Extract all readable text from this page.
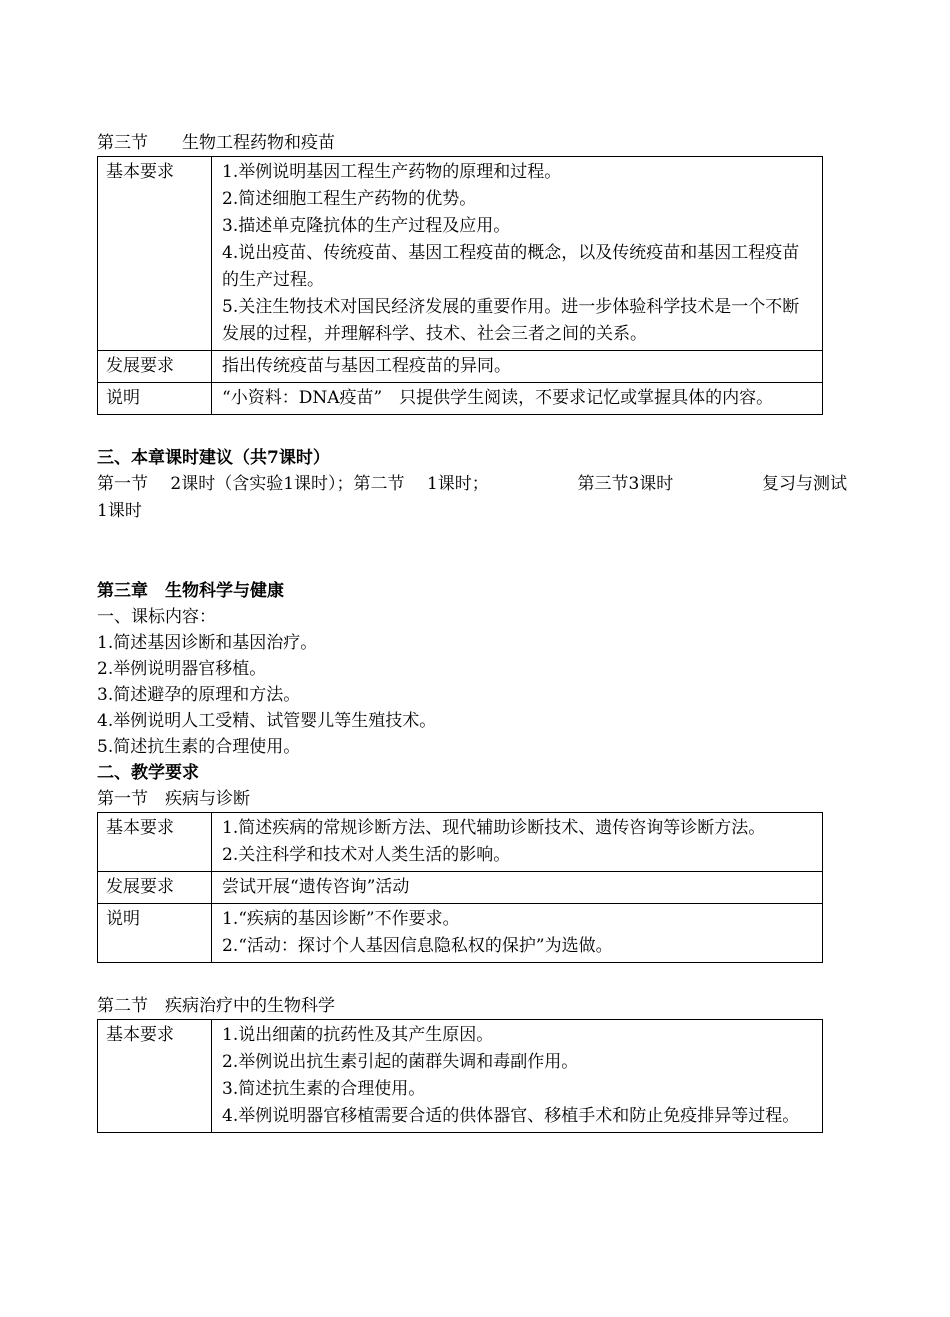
第三节　　生物工程药物和疫苗
基本要求	1.举例说明基因工程生产药物的原理和过程。
2.简述细胞工程生产药物的优势。
3.描述单克隆抗体的生产过程及应用。
4.说出疫苗、传统疫苗、基因工程疫苗的概念，以及传统疫苗和基因工程疫苗的生产过程。
5.关注生物技术对国民经济发展的重要作用。进一步体验科学技术是一个不断发展的过程，并理解科学、技术、社会三者之间的关系。

发展要求	指出传统疫苗与基因工程疫苗的异同。

说明	“小资料：DNA疫苗”　只提供学生阅读，不要求记忆或掌握具体的内容。
三、本章课时建议（共7课时）
第一节　 2课时（含实验1课时）；第二节　 1课时；	第三节3课时	复习与测试
1课时
第三章　生物科学与健康
一、课标内容：
1.简述基因诊断和基因治疗。
2.举例说明器官移植。
3.简述避孕的原理和方法。
4.举例说明人工受精、试管婴儿等生殖技术。
5.简述抗生素的合理使用。
二、教学要求
第一节　疾病与诊断
基本要求	1.简述疾病的常规诊断方法、现代辅助诊断技术、遗传咨询等诊断方法。
2.关注科学和技术对人类生活的影响。

发展要求	尝试开展“遗传咨询”活动

说明	1.“疾病的基因诊断”不作要求。
2.“活动：探讨个人基因信息隐私权的保护”为选做。
第二节　疾病治疗中的生物科学
基本要求	1.说出细菌的抗药性及其产生原因。
2.举例说出抗生素引起的菌群失调和毒副作用。
3.简述抗生素的合理使用。
4.举例说明器官移植需要合适的供体器官、移植手术和防止免疫排异等过程。
